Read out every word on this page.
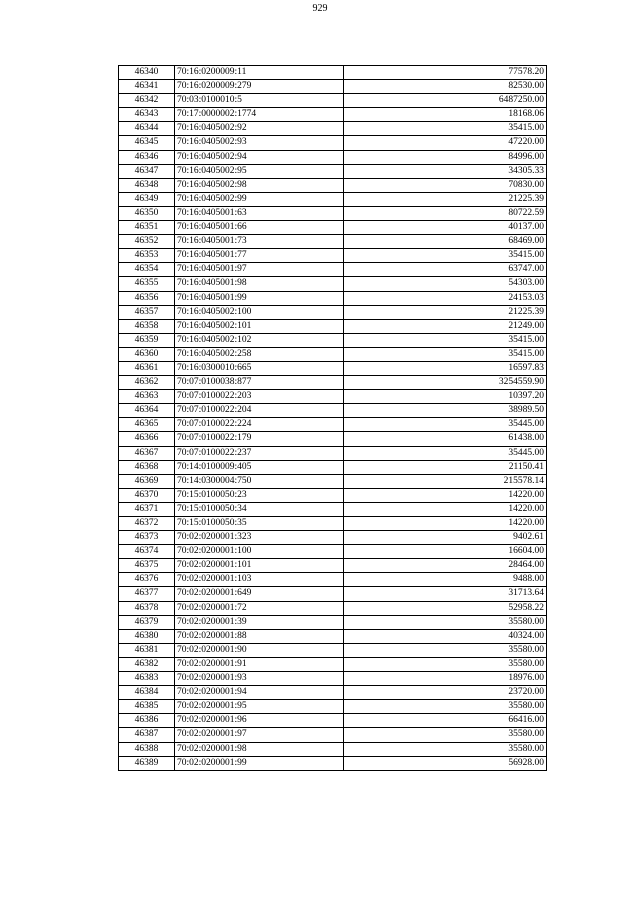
929
46340	70:16:0200009:11	77578.20
46341	70:16:0200009:279	82530.00
46342	70:03:0100010:5	6487250.00
46343	70:17:0000002:1774	18168.06
46344	70:16:0405002:92	35415.00
46345	70:16:0405002:93	47220.00
46346	70:16:0405002:94	84996.00
46347	70:16:0405002:95	34305.33
46348	70:16:0405002:98	70830.00
46349	70:16:0405002:99	21225.39
46350	70:16:0405001:63	80722.59
46351	70:16:0405001:66	40137.00
46352	70:16:0405001:73	68469.00
46353	70:16:0405001:77	35415.00
46354	70:16:0405001:97	63747.00
46355	70:16:0405001:98	54303.00
46356	70:16:0405001:99	24153.03
46357	70:16:0405002:100	21225.39
46358	70:16:0405002:101	21249.00
46359	70:16:0405002:102	35415.00
46360	70:16:0405002:258	35415.00
46361	70:16:0300010:665	16597.83
46362	70:07:0100038:877	3254559.90
46363	70:07:0100022:203	10397.20
46364	70:07:0100022:204	38989.50
46365	70:07:0100022:224	35445.00
46366	70:07:0100022:179	61438.00
46367	70:07:0100022:237	35445.00
46368	70:14:0100009:405	21150.41
46369	70:14:0300004:750	215578.14
46370	70:15:0100050:23	14220.00
46371	70:15:0100050:34	14220.00
46372	70:15:0100050:35	14220.00
46373	70:02:0200001:323	9402.61
46374	70:02:0200001:100	16604.00
46375	70:02:0200001:101	28464.00
46376	70:02:0200001:103	9488.00
46377	70:02:0200001:649	31713.64
46378	70:02:0200001:72	52958.22
46379	70:02:0200001:39	35580.00
46380	70:02:0200001:88	40324.00
46381	70:02:0200001:90	35580.00
46382	70:02:0200001:91	35580.00
46383	70:02:0200001:93	18976.00
46384	70:02:0200001:94	23720.00
46385	70:02:0200001:95	35580.00
46386	70:02:0200001:96	66416.00
46387	70:02:0200001:97	35580.00
46388	70:02:0200001:98	35580.00
46389	70:02:0200001:99	56928.00
